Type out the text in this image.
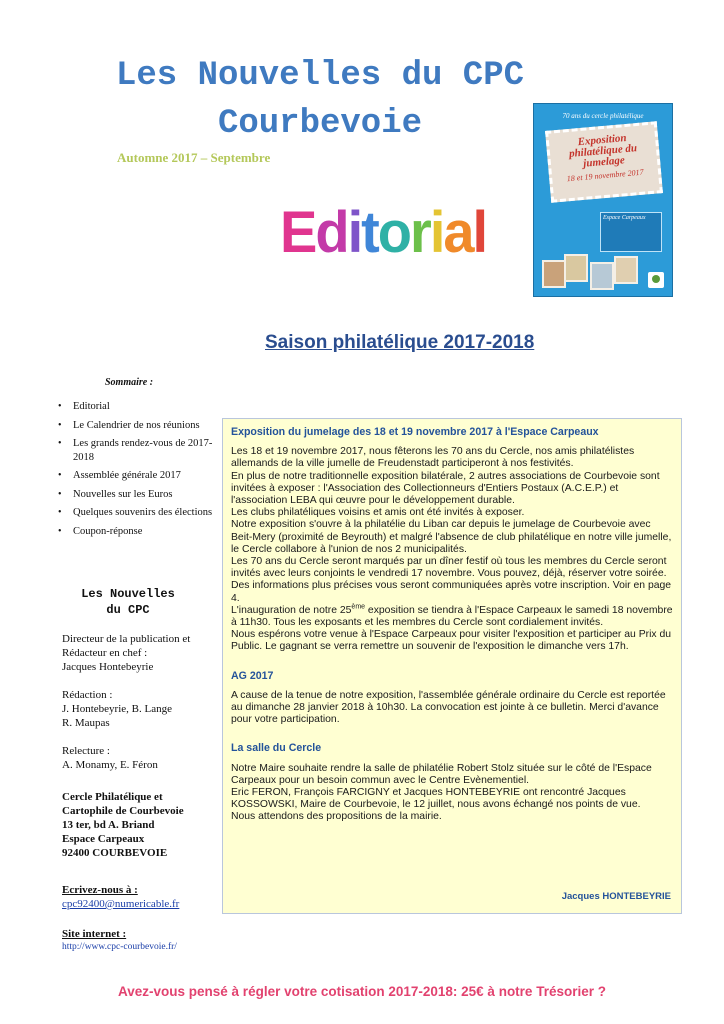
Les Nouvelles du CPC
Courbevoie
Automne 2017 – Septembre
Editorial
70 ans du cercle philatélique
Exposition philatélique du jumelage
18 et 19 novembre 2017
Espace Carpeaux
Saison philatélique 2017-2018
Sommaire :
• Editorial
• Le Calendrier de nos réunions
• Les grands rendez-vous de 2017-2018
• Assemblée générale 2017
• Nouvelles sur les Euros
• Quelques souvenirs des élections
• Coupon-réponse
Les Nouvelles du CPC
Directeur de la publication et Rédacteur en chef :
Jacques Hontebeyrie
Rédaction :
J. Hontebeyrie, B. Lange
R. Maupas
Relecture :
A. Monamy, E. Féron
Cercle Philatélique et
Cartophile de Courbevoie
13 ter, bd A. Briand
Espace Carpeaux
92400 COURBEVOIE
Ecrivez-nous à :
cpc92400@numericable.fr
Site internet :
http://www.cpc-courbevoie.fr/
Exposition du jumelage des 18 et 19 novembre 2017 à l'Espace Carpeaux

Les 18 et 19 novembre 2017, nous fêterons les 70 ans du Cercle, nos amis philatélistes allemands de la ville jumelle de Freudenstadt participeront à nos festivités.

En plus de notre traditionnelle exposition bilatérale, 2 autres associations de Courbevoie sont invitées à exposer : l'Association des Collectionneurs d'Entiers Postaux (A.C.E.P.) et l'association LEBA qui œuvre pour le développement durable.

Les clubs philatéliques voisins et amis ont été invités à exposer.

Notre exposition s'ouvre à la philatélie du Liban car depuis le jumelage de Courbevoie avec Beit-Mery (proximité de Beyrouth) et malgré l'absence de club philatélique en notre ville jumelle, le Cercle collabore à l'union de nos 2 municipalités.

Les 70 ans du Cercle seront marqués par un dîner festif où tous les membres du Cercle seront invités avec leurs conjoints le vendredi 17 novembre. Vous pouvez, déjà, réserver votre soirée. Des informations plus précises vous seront communiquées après votre inscription. Voir en page 4.

L'inauguration de notre 25ème exposition se tiendra à l'Espace Carpeaux le samedi 18 novembre à 11h30. Tous les exposants et les membres du Cercle sont cordialement invités.

Nous espérons votre venue à l'Espace Carpeaux pour visiter l'exposition et participer au Prix du Public. Le gagnant se verra remettre un souvenir de l'exposition le dimanche vers 17h.

AG 2017

A cause de la tenue de notre exposition, l'assemblée générale ordinaire du Cercle est reportée au dimanche 28 janvier 2018 à 10h30. La convocation est jointe à ce bulletin. Merci d'avance pour votre participation.

La salle du Cercle

Notre Maire souhaite rendre la salle de philatélie Robert Stolz située sur le côté de l'Espace Carpeaux pour un besoin commun avec le Centre Evènementiel.

Eric FERON, François FARCIGNY et Jacques HONTEBEYRIE ont rencontré Jacques KOSSOWSKI, Maire de Courbevoie, le 12 juillet, nous avons échangé nos points de vue.

Nous attendons des propositions de la mairie.

Jacques HONTEBEYRIE
Avez-vous pensé à régler votre cotisation 2017-2018: 25€ à notre Trésorier ?
